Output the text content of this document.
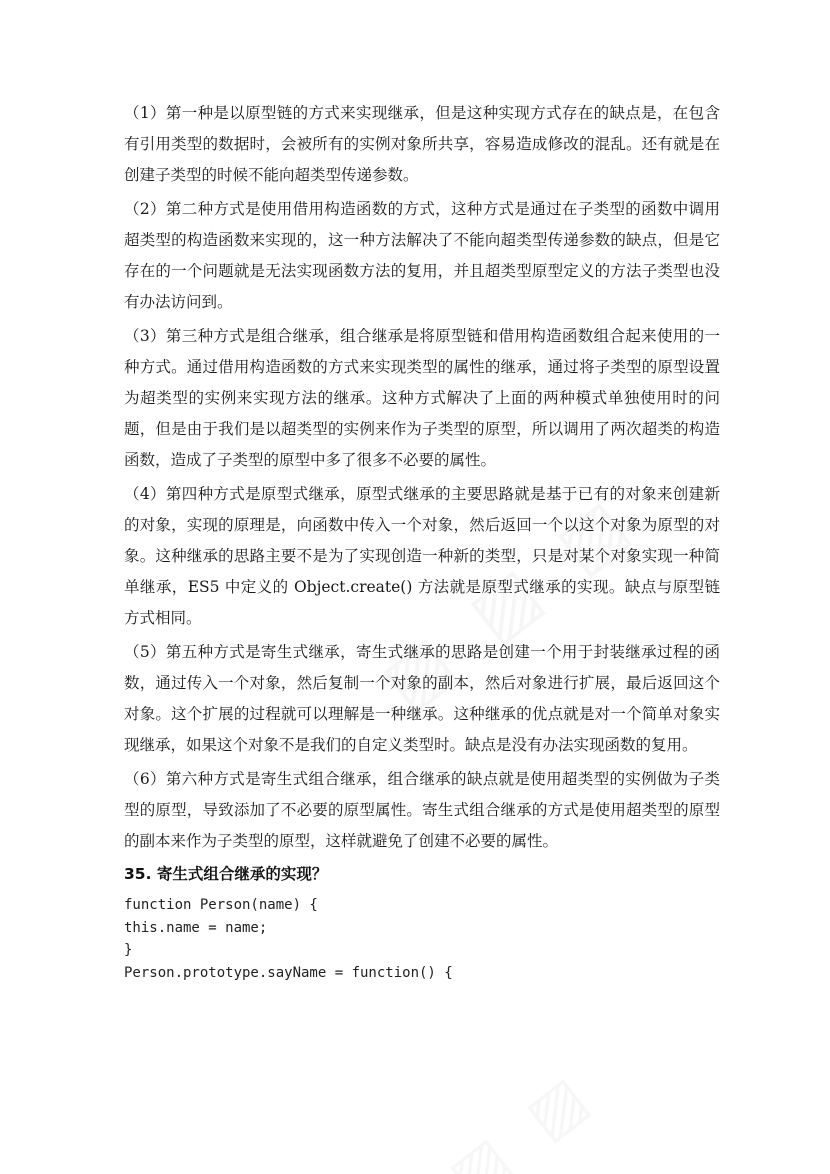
（1）第一种是以原型链的方式来实现继承，但是这种实现方式存在的缺点是，在包含有引用类型的数据时，会被所有的实例对象所共享，容易造成修改的混乱。还有就是在创建子类型的时候不能向超类型传递参数。

（2）第二种方式是使用借用构造函数的方式，这种方式是通过在子类型的函数中调用超类型的构造函数来实现的，这一种方法解决了不能向超类型传递参数的缺点，但是它存在的一个问题就是无法实现函数方法的复用，并且超类型原型定义的方法子类型也没有办法访问到。

（3）第三种方式是组合继承，组合继承是将原型链和借用构造函数组合起来使用的一种方式。通过借用构造函数的方式来实现类型的属性的继承，通过将子类型的原型设置为超类型的实例来实现方法的继承。这种方式解决了上面的两种模式单独使用时的问题，但是由于我们是以超类型的实例来作为子类型的原型，所以调用了两次超类的构造函数，造成了子类型的原型中多了很多不必要的属性。

（4）第四种方式是原型式继承，原型式继承的主要思路就是基于已有的对象来创建新的对象，实现的原理是，向函数中传入一个对象，然后返回一个以这个对象为原型的对象。这种继承的思路主要不是为了实现创造一种新的类型，只是对某个对象实现一种简单继承，ES5 中定义的 Object.create() 方法就是原型式继承的实现。缺点与原型链方式相同。

（5）第五种方式是寄生式继承，寄生式继承的思路是创建一个用于封装继承过程的函数，通过传入一个对象，然后复制一个对象的副本，然后对象进行扩展，最后返回这个对象。这个扩展的过程就可以理解是一种继承。这种继承的优点就是对一个简单对象实现继承，如果这个对象不是我们的自定义类型时。缺点是没有办法实现函数的复用。

（6）第六种方式是寄生式组合继承，组合继承的缺点就是使用超类型的实例做为子类型的原型，导致添加了不必要的原型属性。寄生式组合继承的方式是使用超类型的原型的副本来作为子类型的原型，这样就避免了创建不必要的属性。

35. 寄生式组合继承的实现？
function Person(name) {
this.name = name;
}
Person.prototype.sayName = function() {
